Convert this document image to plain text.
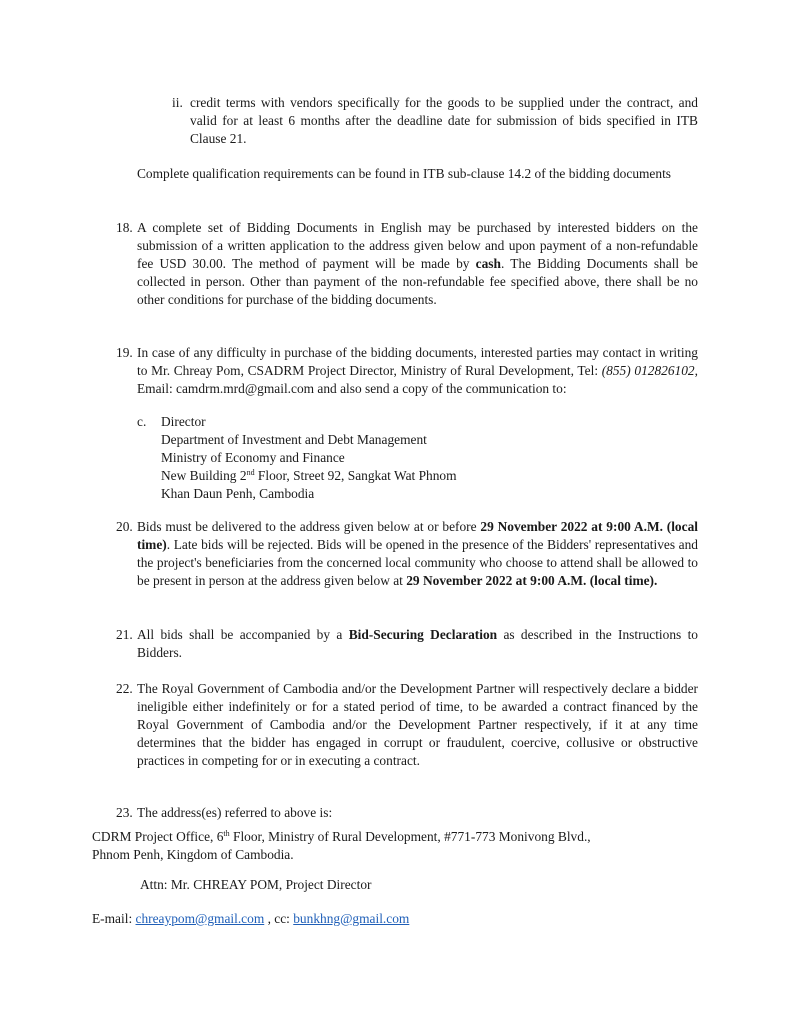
ii. credit terms with vendors specifically for the goods to be supplied under the contract, and valid for at least 6 months after the deadline date for submission of bids specified in ITB Clause 21.

Complete qualification requirements can be found in ITB sub-clause 14.2 of the bidding documents

18. A complete set of Bidding Documents in English may be purchased by interested bidders on the submission of a written application to the address given below and upon payment of a non-refundable fee USD 30.00. The method of payment will be made by cash. The Bidding Documents shall be collected in person. Other than payment of the non-refundable fee specified above, there shall be no other conditions for purchase of the bidding documents.

19. In case of any difficulty in purchase of the bidding documents, interested parties may contact in writing to Mr. Chreay Pom, CSADRM Project Director, Ministry of Rural Development, Tel: (855) 012826102, Email: camdrm.mrd@gmail.com and also send a copy of the communication to:

c. Director
Department of Investment and Debt Management
Ministry of Economy and Finance
New Building 2nd Floor, Street 92, Sangkat Wat Phnom
Khan Daun Penh, Cambodia
20. Bids must be delivered to the address given below at or before 29 November 2022 at 9:00 A.M. (local time). Late bids will be rejected. Bids will be opened in the presence of the Bidders' representatives and the project's beneficiaries from the concerned local community who choose to attend shall be allowed to be present in person at the address given below at 29 November 2022 at 9:00 A.M. (local time).

21. All bids shall be accompanied by a Bid-Securing Declaration as described in the Instructions to Bidders.

22. The Royal Government of Cambodia and/or the Development Partner will respectively declare a bidder ineligible either indefinitely or for a stated period of time, to be awarded a contract financed by the Royal Government of Cambodia and/or the Development Partner respectively, if it at any time determines that the bidder has engaged in corrupt or fraudulent, coercive, collusive or obstructive practices in competing for or in executing a contract.

23. The address(es) referred to above is:

CDRM Project Office, 6th Floor, Ministry of Rural Development, #771-773 Monivong Blvd.,
Phnom Penh, Kingdom of Cambodia.
Attn: Mr. CHREAY POM, Project Director
E-mail: chreaypom@gmail.com , cc: bunkhng@gmail.com
